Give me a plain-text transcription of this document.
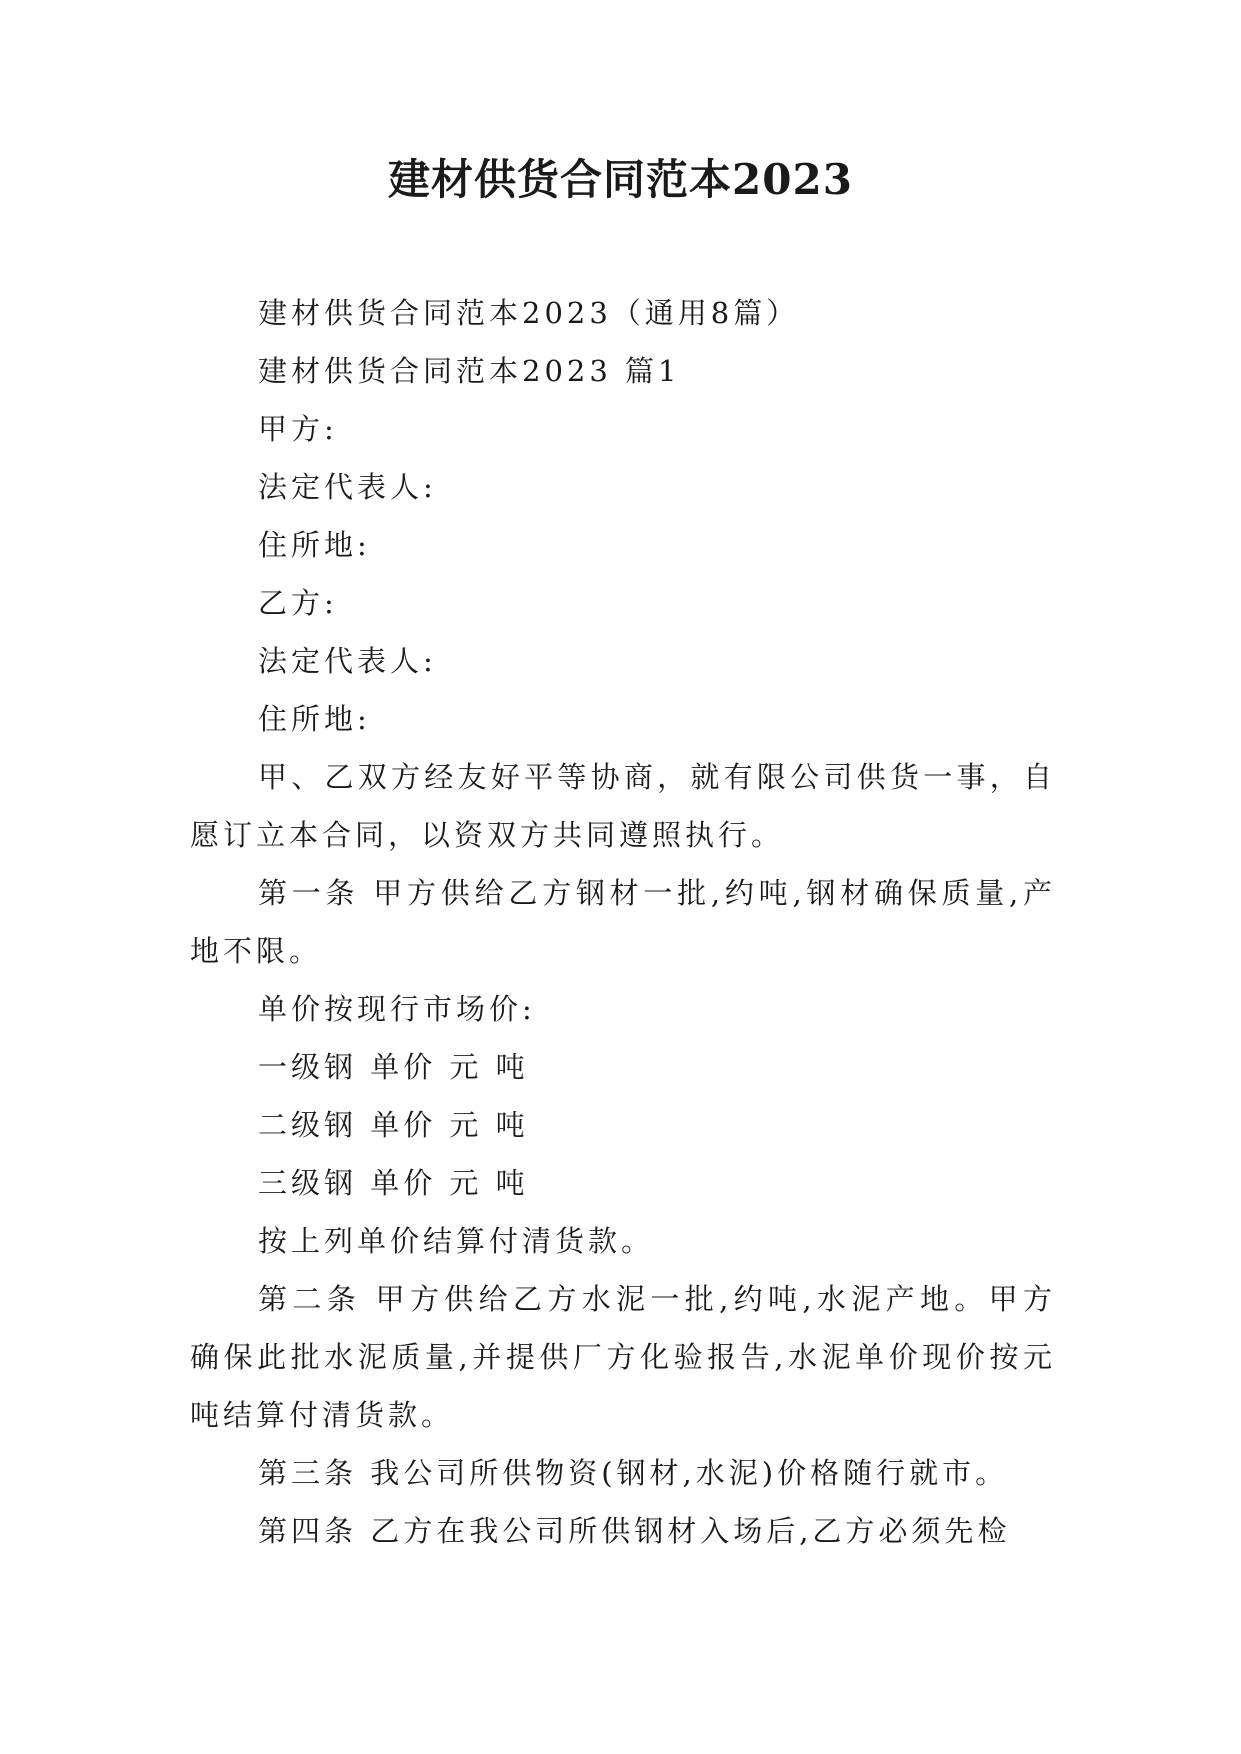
建材供货合同范本2023

建材供货合同范本2023（通用8篇）

建材供货合同范本2023 篇1

甲方:

法定代表人:

住所地:

乙方:

法定代表人:

住所地:

甲、乙双方经友好平等协商，就有限公司供货一事，自愿订立本合同，以资双方共同遵照执行。

第一条 甲方供给乙方钢材一批,约吨,钢材确保质量,产地不限。

单价按现行市场价:

一级钢 单价 元 吨

二级钢 单价 元 吨

三级钢 单价 元 吨

按上列单价结算付清货款。

第二条 甲方供给乙方水泥一批,约吨,水泥产地。甲方确保此批水泥质量,并提供厂方化验报告,水泥单价现价按元 吨结算付清货款。

第三条 我公司所供物资(钢材,水泥)价格随行就市。

第四条 乙方在我公司所供钢材入场后,乙方必须先检
